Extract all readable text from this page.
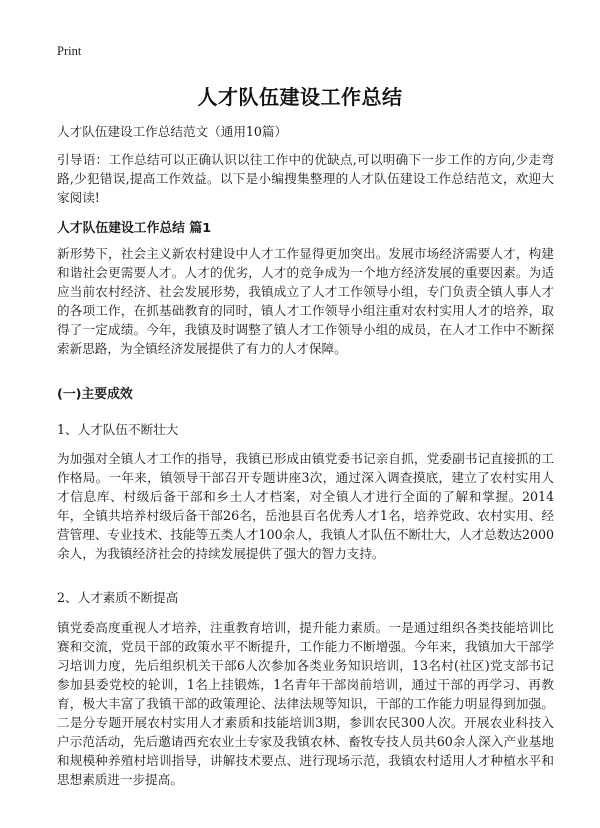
Print

人才队伍建设工作总结

人才队伍建设工作总结范文（通用10篇）

引导语：工作总结可以正确认识以往工作中的优缺点,可以明确下一步工作的方向,少走弯路,少犯错误,提高工作效益。以下是小编搜集整理的人才队伍建设工作总结范文，欢迎大家阅读!

人才队伍建设工作总结 篇1

新形势下，社会主义新农村建设中人才工作显得更加突出。发展市场经济需要人才，构建和谐社会更需要人才。人才的优劣，人才的竞争成为一个地方经济发展的重要因素。为适应当前农村经济、社会发展形势，我镇成立了人才工作领导小组，专门负责全镇人事人才的各项工作，在抓基础教育的同时，镇人才工作领导小组注重对农村实用人才的培养，取得了一定成绩。今年，我镇及时调整了镇人才工作领导小组的成员，在人才工作中不断探索新思路，为全镇经济发展提供了有力的人才保障。

(一)主要成效

1、人才队伍不断壮大

为加强对全镇人才工作的指导，我镇已形成由镇党委书记亲自抓，党委副书记直接抓的工作格局。一年来，镇领导干部召开专题讲座3次，通过深入调查摸底，建立了农村实用人才信息库、村级后备干部和乡土人才档案，对全镇人才进行全面的了解和掌握。2014年，全镇共培养村级后备干部26名，岳池县百名优秀人才1名，培养党政、农村实用、经营管理、专业技术、技能等五类人才100余人，我镇人才队伍不断壮大，人才总数达2000余人，为我镇经济社会的持续发展提供了强大的智力支持。

2、人才素质不断提高

镇党委高度重视人才培养，注重教育培训，提升能力素质。一是通过组织各类技能培训比赛和交流，党员干部的政策水平不断提升，工作能力不断增强。今年来，我镇加大干部学习培训力度，先后组织机关干部6人次参加各类业务知识培训，13名村(社区)党支部书记参加县委党校的轮训，1名上挂锻炼，1名青年干部岗前培训，通过干部的再学习、再教育，极大丰富了我镇干部的政策理论、法律法规等知识，干部的工作能力明显得到加强。二是分专题开展农村实用人才素质和技能培训3期，参训农民300人次。开展农业科技入户示范活动，先后邀请西充农业土专家及我镇农林、畜牧专技人员共60余人深入产业基地和规模种养殖村培训指导，讲解技术要点、进行现场示范，我镇农村适用人才种植水平和思想素质进一步提高。
